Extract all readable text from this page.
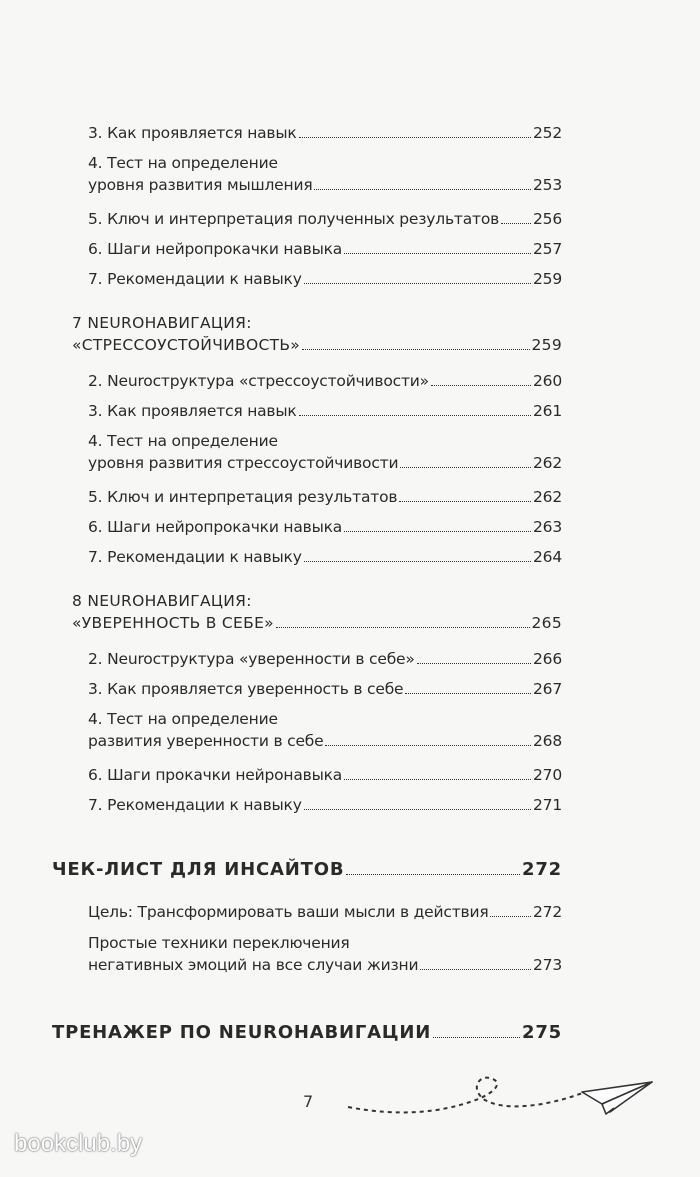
3. Как проявляется навык	252
4. Тест на определение
уровня развития мышления	253
5. Ключ и интерпретация полученных результатов 256
6. Шаги нейропрокачки навыка	257
7. Рекомендации к навыку	259
7 NEUROНАВИГАЦИЯ:
«СТРЕССОУСТОЙЧИВОСТЬ»	259
2. Neuroструктура «стрессоустойчивости»	260
3. Как проявляется навык	261
4. Тест на определение
уровня развития стрессоустойчивости	262
5. Ключ и интерпретация результатов	262
6. Шаги нейропрокачки навыка	263
7. Рекомендации к навыку	264
8 NEUROНАВИГАЦИЯ:
«УВЕРЕННОСТЬ В СЕБЕ»	265
2. Neuroструктура «уверенности в себе»	266
3. Как проявляется уверенность в себе	267
4. Тест на определение
развития уверенности в себе	268
6. Шаги прокачки нейронавыка	270
7. Рекомендации к навыку	271
ЧЕК-ЛИСТ ДЛЯ ИНСАЙТОВ	272
Цель: Трансформировать ваши мысли в действия	272
Простые техники переключения
негативных эмоций на все случаи жизни	273
ТРЕНАЖЕР ПО NEUROНАВИГАЦИИ	275
7
bookclub.by
